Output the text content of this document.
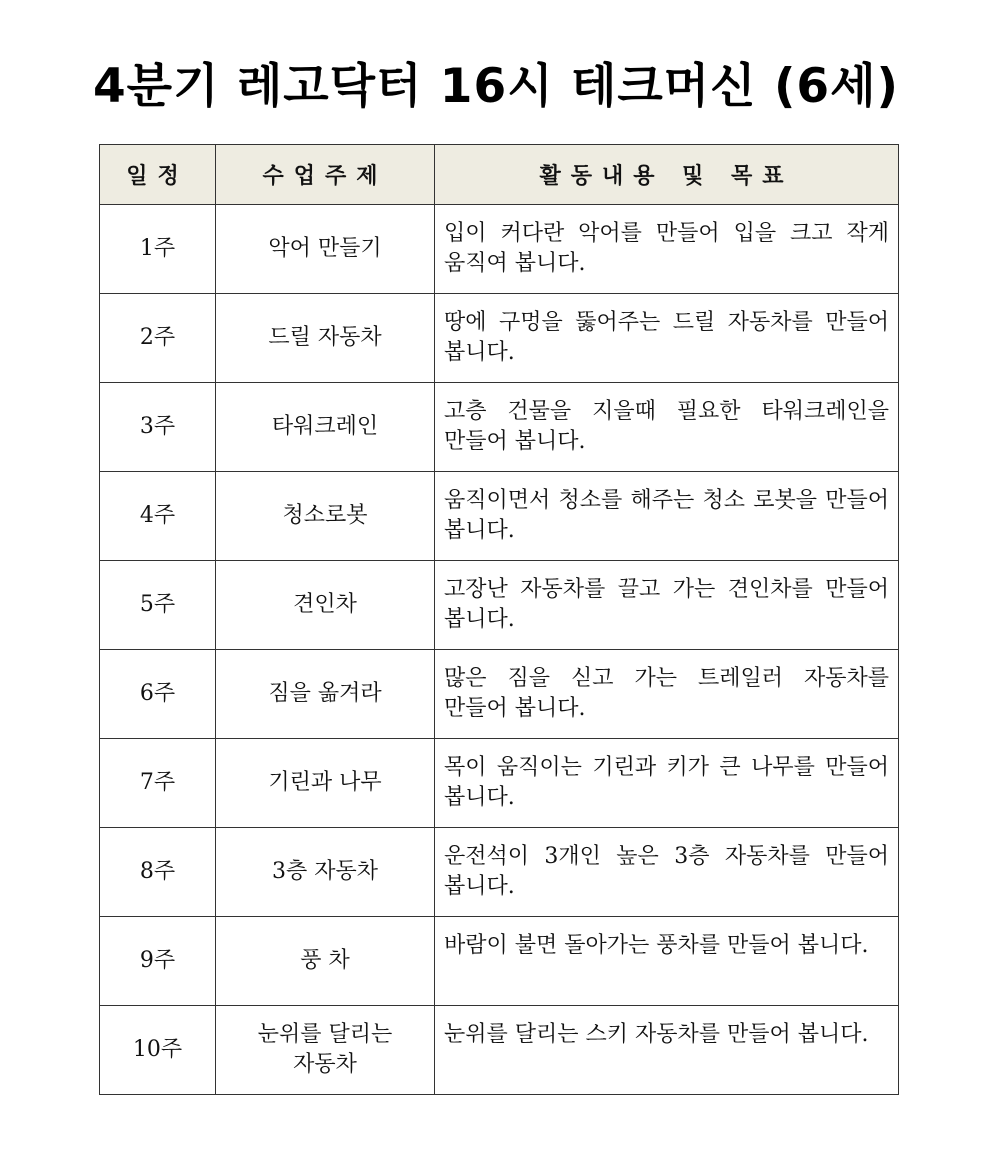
4분기 레고닥터 16시 테크머신 (6세)
일정	수업주제	활동내용 및 목표
1주	악어 만들기	입이 커다란 악어를 만들어 입을 크고 작게 움직여 봅니다.

2주	드릴 자동차	땅에 구멍을 뚫어주는 드릴 자동차를 만들어 봅니다.

3주	타워크레인	고층 건물을 지을때 필요한 타워크레인을 만들어 봅니다.

4주	청소로봇	움직이면서 청소를 해주는 청소 로봇을 만들어 봅니다.

5주	견인차	고장난 자동차를 끌고 가는 견인차를 만들어 봅니다.

6주	짐을 옮겨라	많은 짐을 싣고 가는 트레일러 자동차를 만들어 봅니다.

7주	기린과 나무	목이 움직이는 기린과 키가 큰 나무를 만들어 봅니다.

8주	3층 자동차	운전석이 3개인 높은 3층 자동차를 만들어 봅니다.

9주	풍 차	바람이 불면 돌아가는 풍차를 만들어 봅니다.

10주	눈위를 달리는 자동차	눈위를 달리는 스키 자동차를 만들어 봅니다.
